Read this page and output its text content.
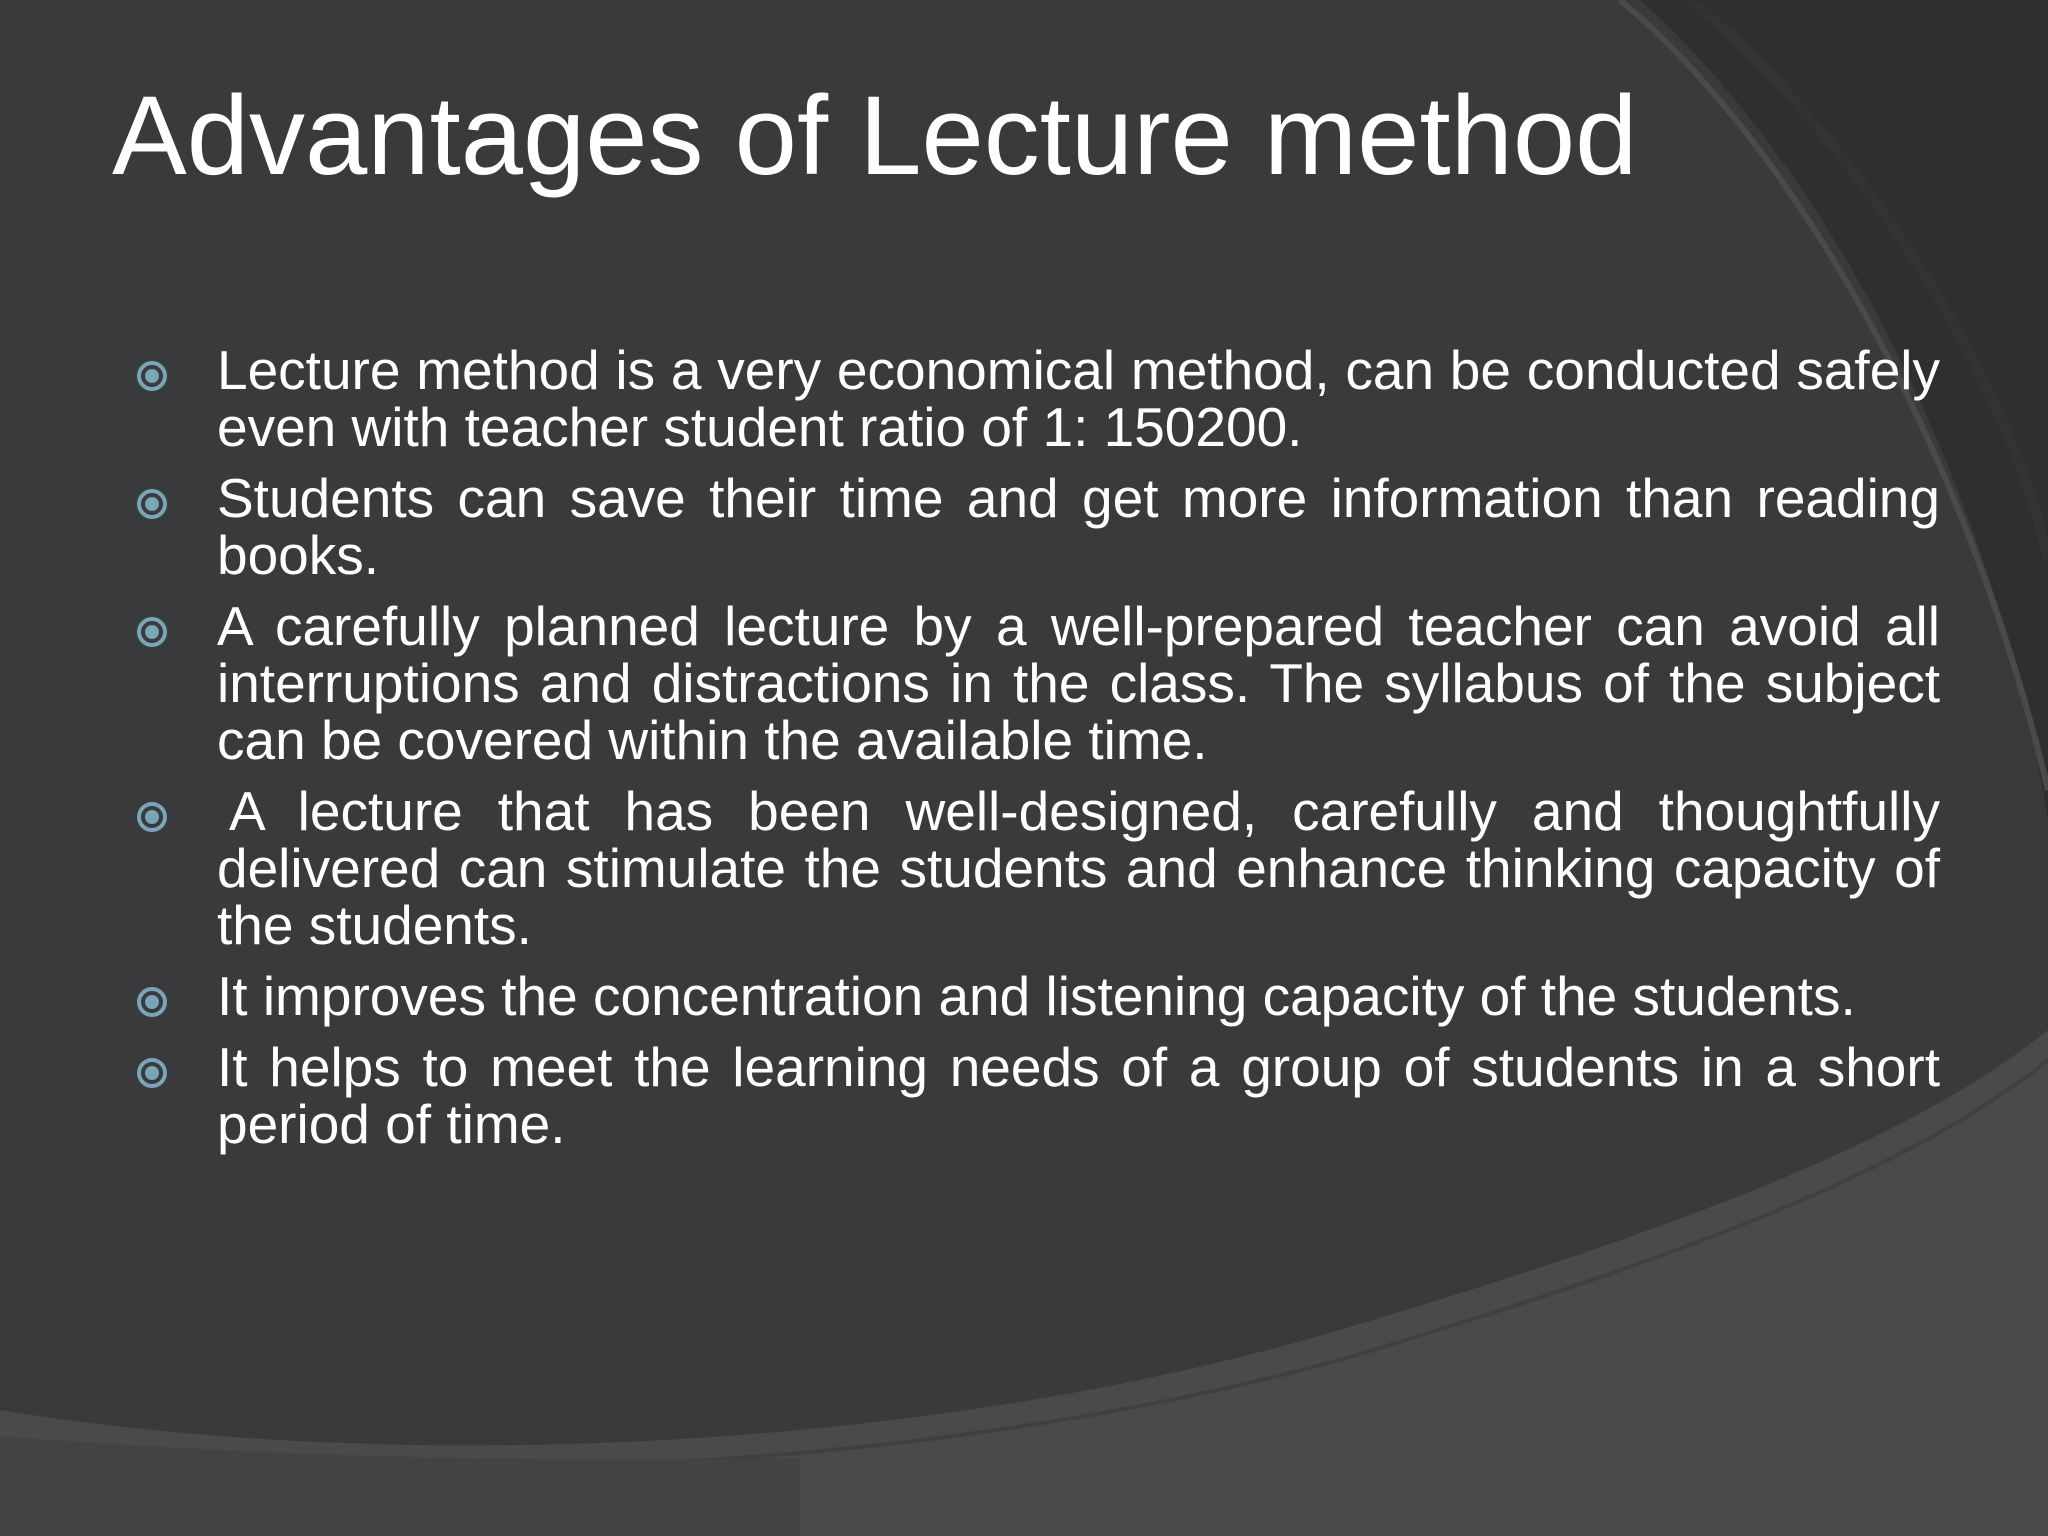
Advantages of Lecture method
Lecture method is a very economical method, can be conducted safely even with teacher student ratio of 1: 150200.
Students can save their time and get more information than reading books.
A carefully planned lecture by a well-prepared teacher can avoid all interruptions and distractions in the class. The syllabus of the subject can be covered within the available time.
A lecture that has been well-designed, carefully and thoughtfully delivered can stimulate the students and enhance thinking capacity of the students.
It improves the concentration and listening capacity of the students.
It helps to meet the learning needs of a group of students in a short period of time.
